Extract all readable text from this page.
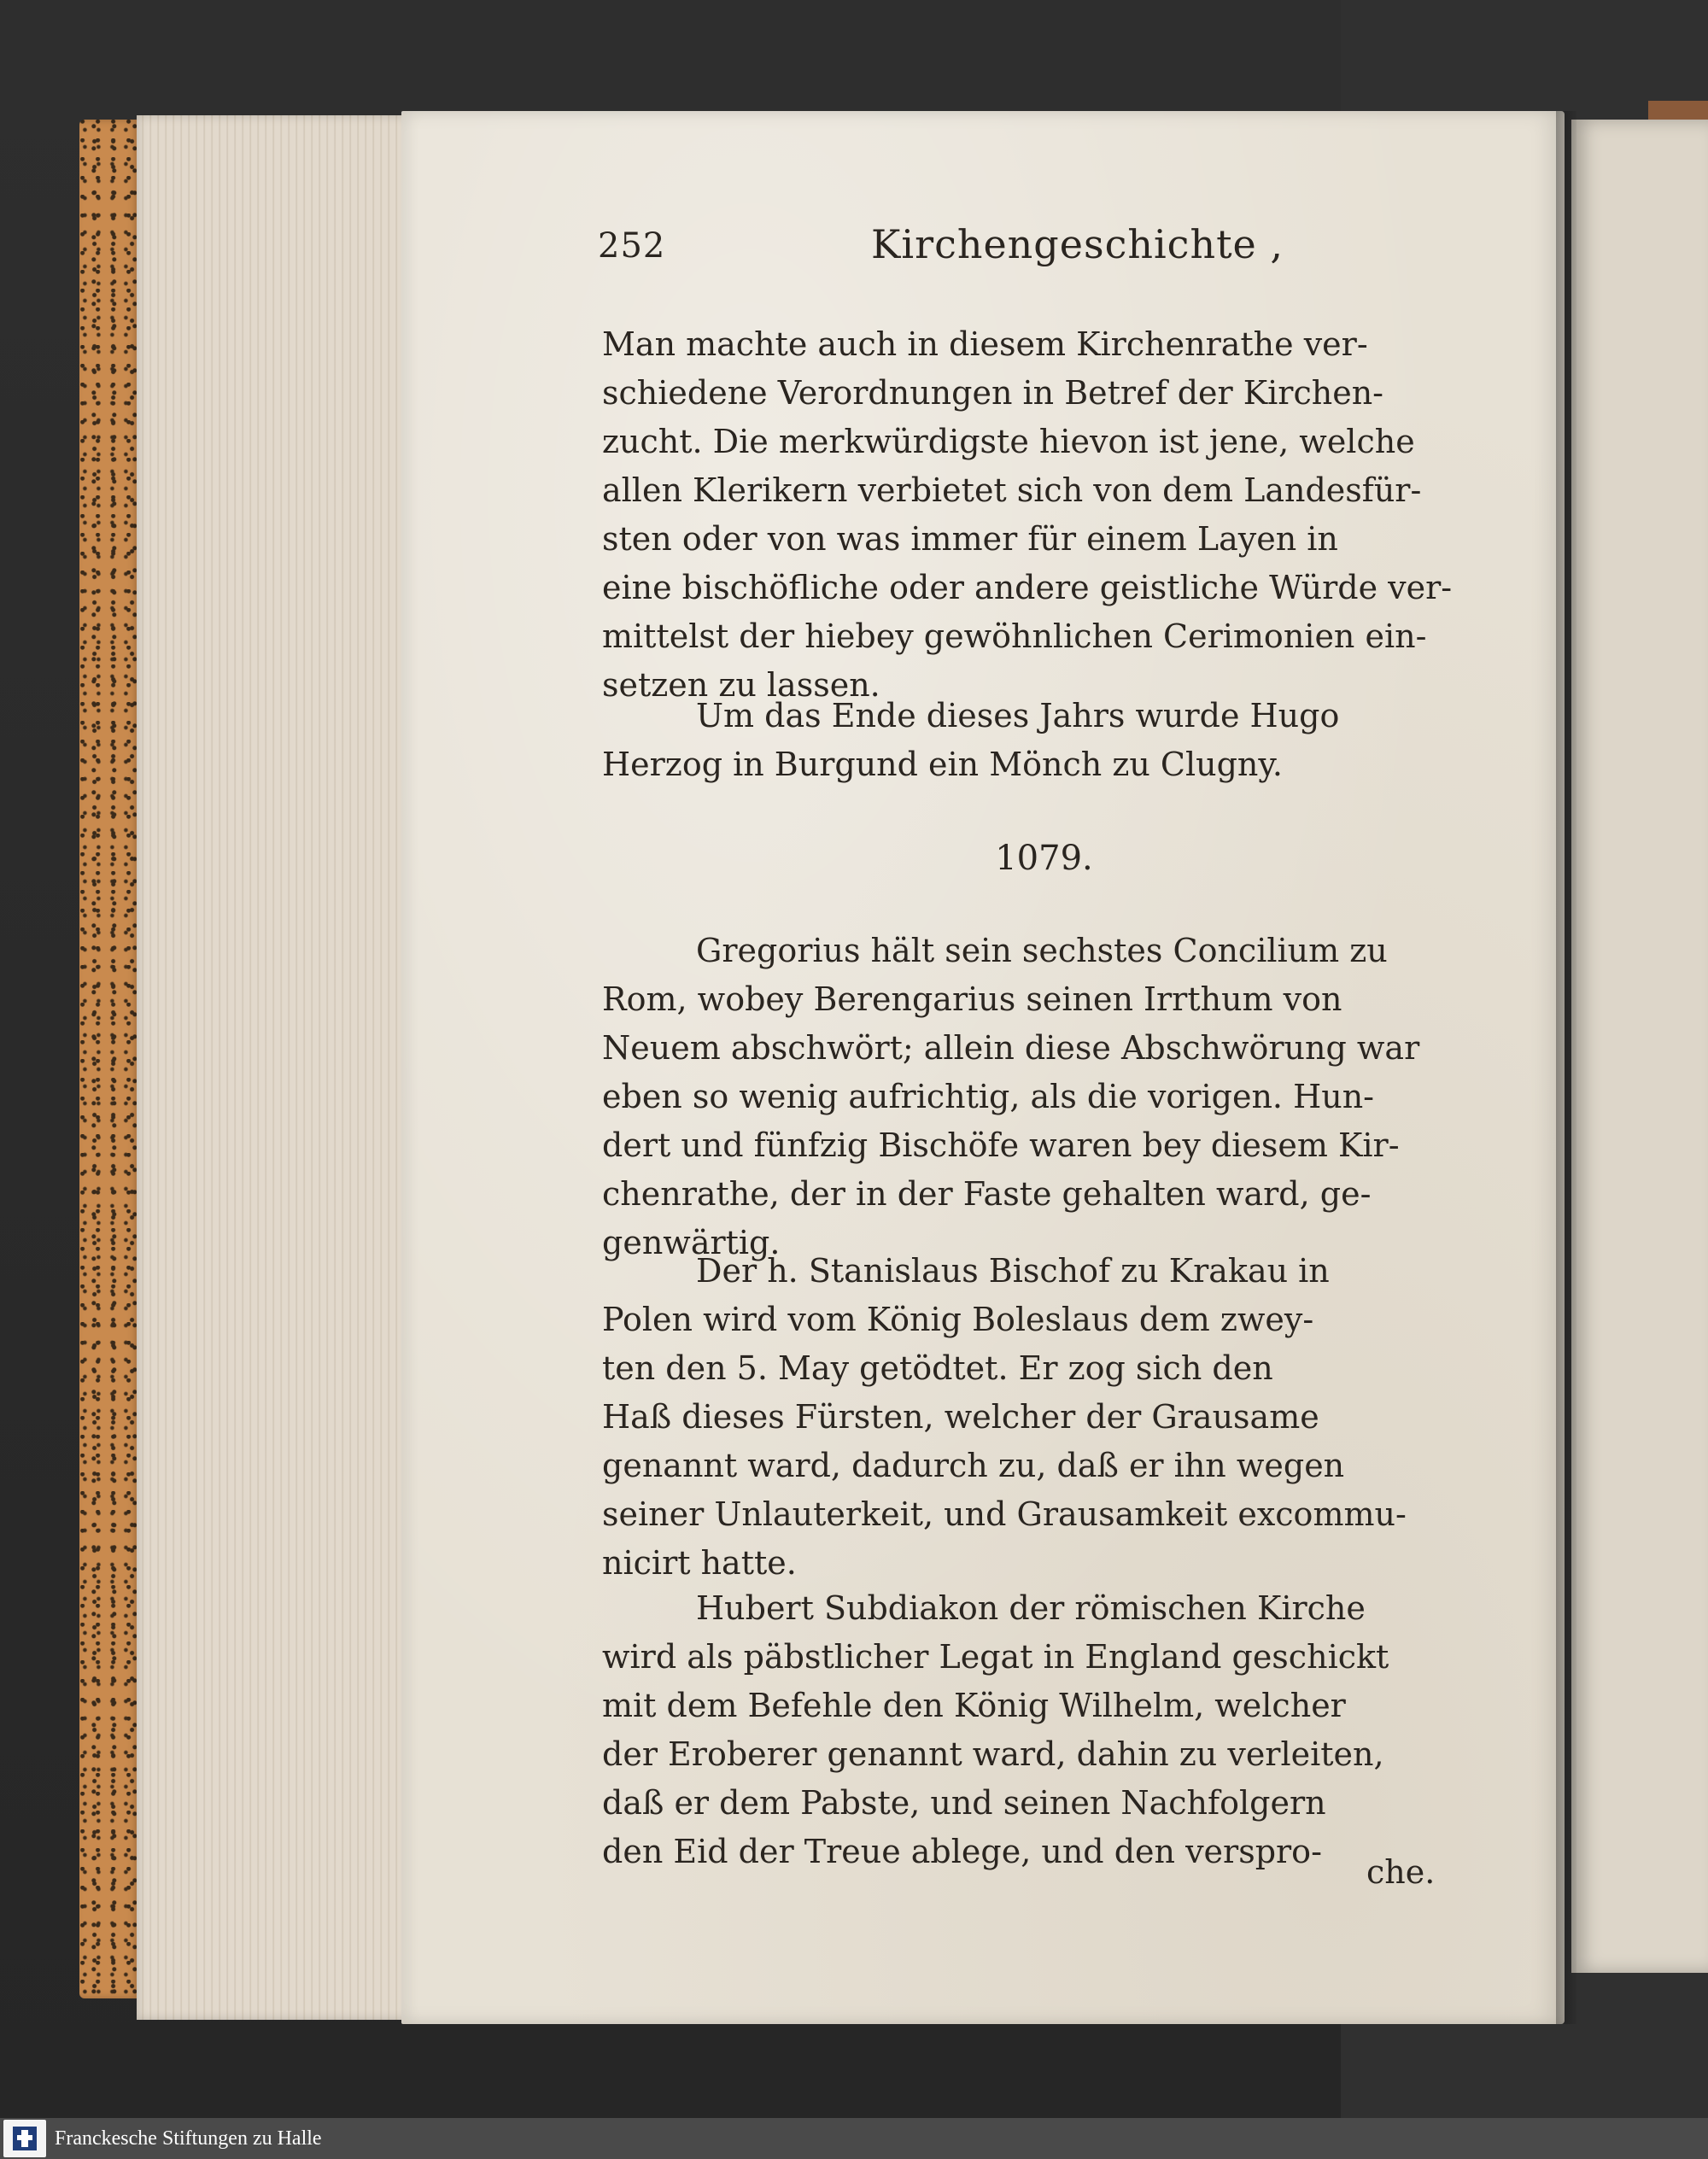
252	Kirchengeschichte ,
Man machte auch in diesem Kirchenrathe ver-
schiedene Verordnungen in Betref der Kirchen-
zucht. Die merkwürdigste hievon ist jene, welche
allen Klerikern verbietet sich von dem Landesfür-
sten oder von was immer für einem Layen in
eine bischöfliche oder andere geistliche Würde ver-
mittelst der hiebey gewöhnlichen Cerimonien ein-
setzen zu lassen.
Um das Ende dieses Jahrs wurde Hugo
Herzog in Burgund ein Mönch zu Clugny.
1079.
Gregorius hält sein sechstes Concilium zu
Rom, wobey Berengarius seinen Irrthum von
Neuem abschwört; allein diese Abschwörung war
eben so wenig aufrichtig, als die vorigen. Hun-
dert und fünfzig Bischöfe waren bey diesem Kir-
chenrathe, der in der Faste gehalten ward, ge-
genwärtig.
Der h. Stanislaus Bischof zu Krakau in
Polen wird vom König Boleslaus dem zwey-
ten den 5. May getödtet. Er zog sich den
Haß dieses Fürsten, welcher der Grausame
genannt ward, dadurch zu, daß er ihn wegen
seiner Unlauterkeit, und Grausamkeit excommu-
nicirt hatte.
Hubert Subdiakon der römischen Kirche
wird als päbstlicher Legat in England geschickt
mit dem Befehle den König Wilhelm, welcher
der Eroberer genannt ward, dahin zu verleiten,
daß er dem Pabste, und seinen Nachfolgern
den Eid der Treue ablege, und den verspro-
che.
Franckesche Stiftungen zu Halle
